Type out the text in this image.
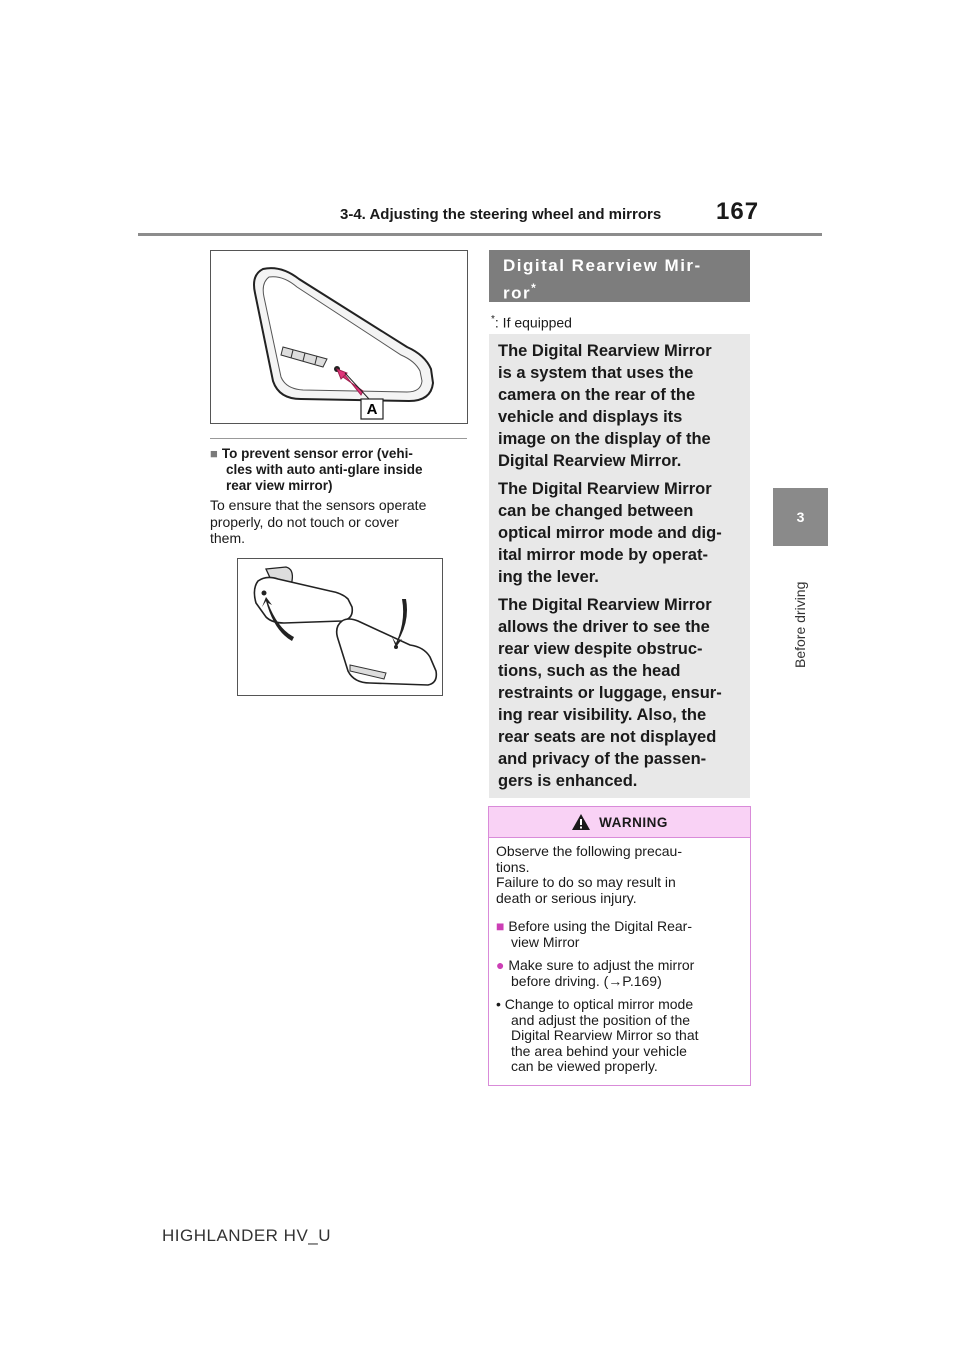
3-4. Adjusting the steering wheel and mirrors 167
3
Before driving
A
■ To prevent sensor error (vehi-
cles with auto anti-glare inside
rear view mirror)
To ensure that the sensors operate
properly, do not touch or cover
them.
Digital Rearview Mir-
ror*
*: If equipped

The Digital Rearview Mirror
is a system that uses the
camera on the rear of the
vehicle and displays its
image on the display of the
Digital Rearview Mirror.

The Digital Rearview Mirror
can be changed between
optical mirror mode and dig-
ital mirror mode by operat-
ing the lever.

The Digital Rearview Mirror
allows the driver to see the
rear view despite obstruc-
tions, such as the head
restraints or luggage, ensur-
ing rear visibility. Also, the
rear seats are not displayed
and privacy of the passen-
gers is enhanced.

WARNING
Observe the following precau-
tions.
Failure to do so may result in
death or serious injury.
■ Before using the Digital Rear-
view Mirror
● Make sure to adjust the mirror
before driving. (→P.169)
• Change to optical mirror mode
and adjust the position of the
Digital Rearview Mirror so that
the area behind your vehicle
can be viewed properly.
HIGHLANDER HV_U
